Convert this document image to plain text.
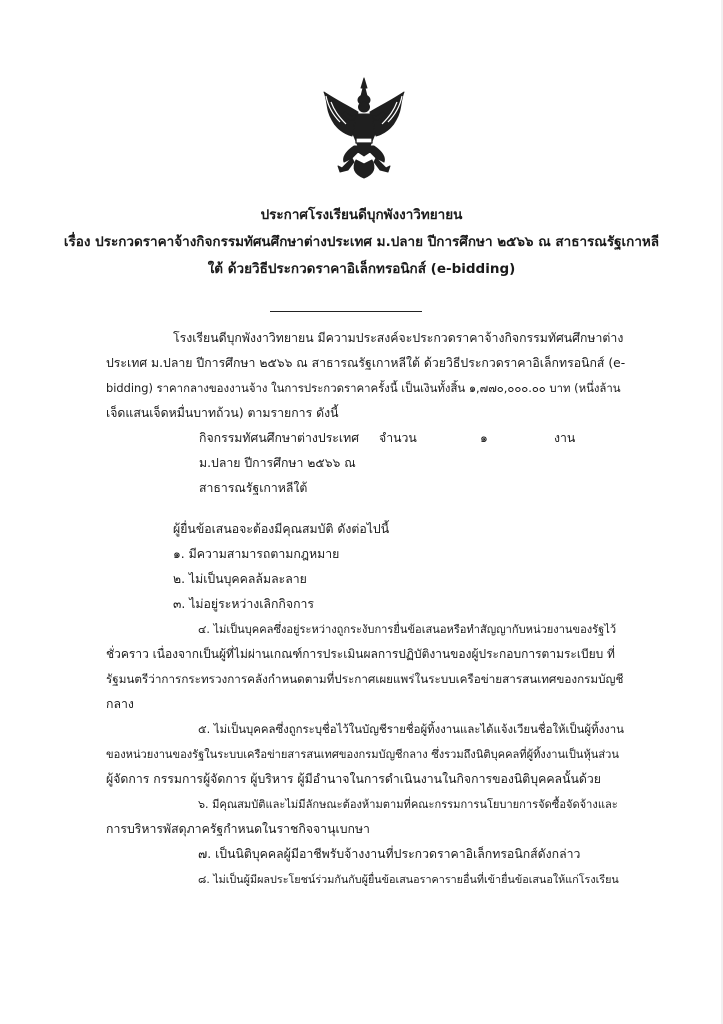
ประกาศโรงเรียนดีบุกพังงาวิทยายน
เรื่อง ประกวดราคาจ้างกิจกรรมทัศนศึกษาต่างประเทศ ม.ปลาย ปีการศึกษา ๒๕๖๖ ณ สาธารณรัฐเกาหลี
ใต้ ด้วยวิธีประกวดราคาอิเล็กทรอนิกส์ (e-bidding)
โรงเรียนดีบุกพังงาวิทยายน มีความประสงค์จะประกวดราคาจ้างกิจกรรมทัศนศึกษาต่าง
ประเทศ ม.ปลาย ปีการศึกษา ๒๕๖๖ ณ สาธารณรัฐเกาหลีใต้ ด้วยวิธีประกวดราคาอิเล็กทรอนิกส์ (e-
bidding) ราคากลางของงานจ้าง ในการประกวดราคาครั้งนี้ เป็นเงินทั้งสิ้น ๑,๗๗๐,๐๐๐.๐๐ บาท (หนึ่งล้าน
เจ็ดแสนเจ็ดหมื่นบาทถ้วน) ตามรายการ ดังนี้
กิจกรรมทัศนศึกษาต่างประเทศ จำนวน	๑	งาน
ม.ปลาย ปีการศึกษา ๒๕๖๖ ณ
สาธารณรัฐเกาหลีใต้
ผู้ยื่นข้อเสนอจะต้องมีคุณสมบัติ ดังต่อไปนี้
๑. มีความสามารถตามกฎหมาย
๒. ไม่เป็นบุคคลล้มละลาย
๓. ไม่อยู่ระหว่างเลิกกิจการ
๔. ไม่เป็นบุคคลซึ่งอยู่ระหว่างถูกระงับการยื่นข้อเสนอหรือทำสัญญากับหน่วยงานของรัฐไว้
ชั่วคราว เนื่องจากเป็นผู้ที่ไม่ผ่านเกณฑ์การประเมินผลการปฏิบัติงานของผู้ประกอบการตามระเบียบ ที่
รัฐมนตรีว่าการกระทรวงการคลังกำหนดตามที่ประกาศเผยแพร่ในระบบเครือข่ายสารสนเทศของกรมบัญชี
กลาง
๕. ไม่เป็นบุคคลซึ่งถูกระบุชื่อไว้ในบัญชีรายชื่อผู้ทิ้งงานและได้แจ้งเวียนชื่อให้เป็นผู้ทิ้งงาน
ของหน่วยงานของรัฐในระบบเครือข่ายสารสนเทศของกรมบัญชีกลาง ซึ่งรวมถึงนิติบุคคลที่ผู้ทิ้งงานเป็นหุ้นส่วน
ผู้จัดการ กรรมการผู้จัดการ ผู้บริหาร ผู้มีอำนาจในการดำเนินงานในกิจการของนิติบุคคลนั้นด้วย
๖. มีคุณสมบัติและไม่มีลักษณะต้องห้ามตามที่คณะกรรมการนโยบายการจัดซื้อจัดจ้างและ
การบริหารพัสดุภาครัฐกำหนดในราชกิจจานุเบกษา
๗. เป็นนิติบุคคลผู้มีอาชีพรับจ้างงานที่ประกวดราคาอิเล็กทรอนิกส์ดังกล่าว
๘. ไม่เป็นผู้มีผลประโยชน์ร่วมกันกับผู้ยื่นข้อเสนอราคารายอื่นที่เข้ายื่นข้อเสนอให้แก่โรงเรียน
